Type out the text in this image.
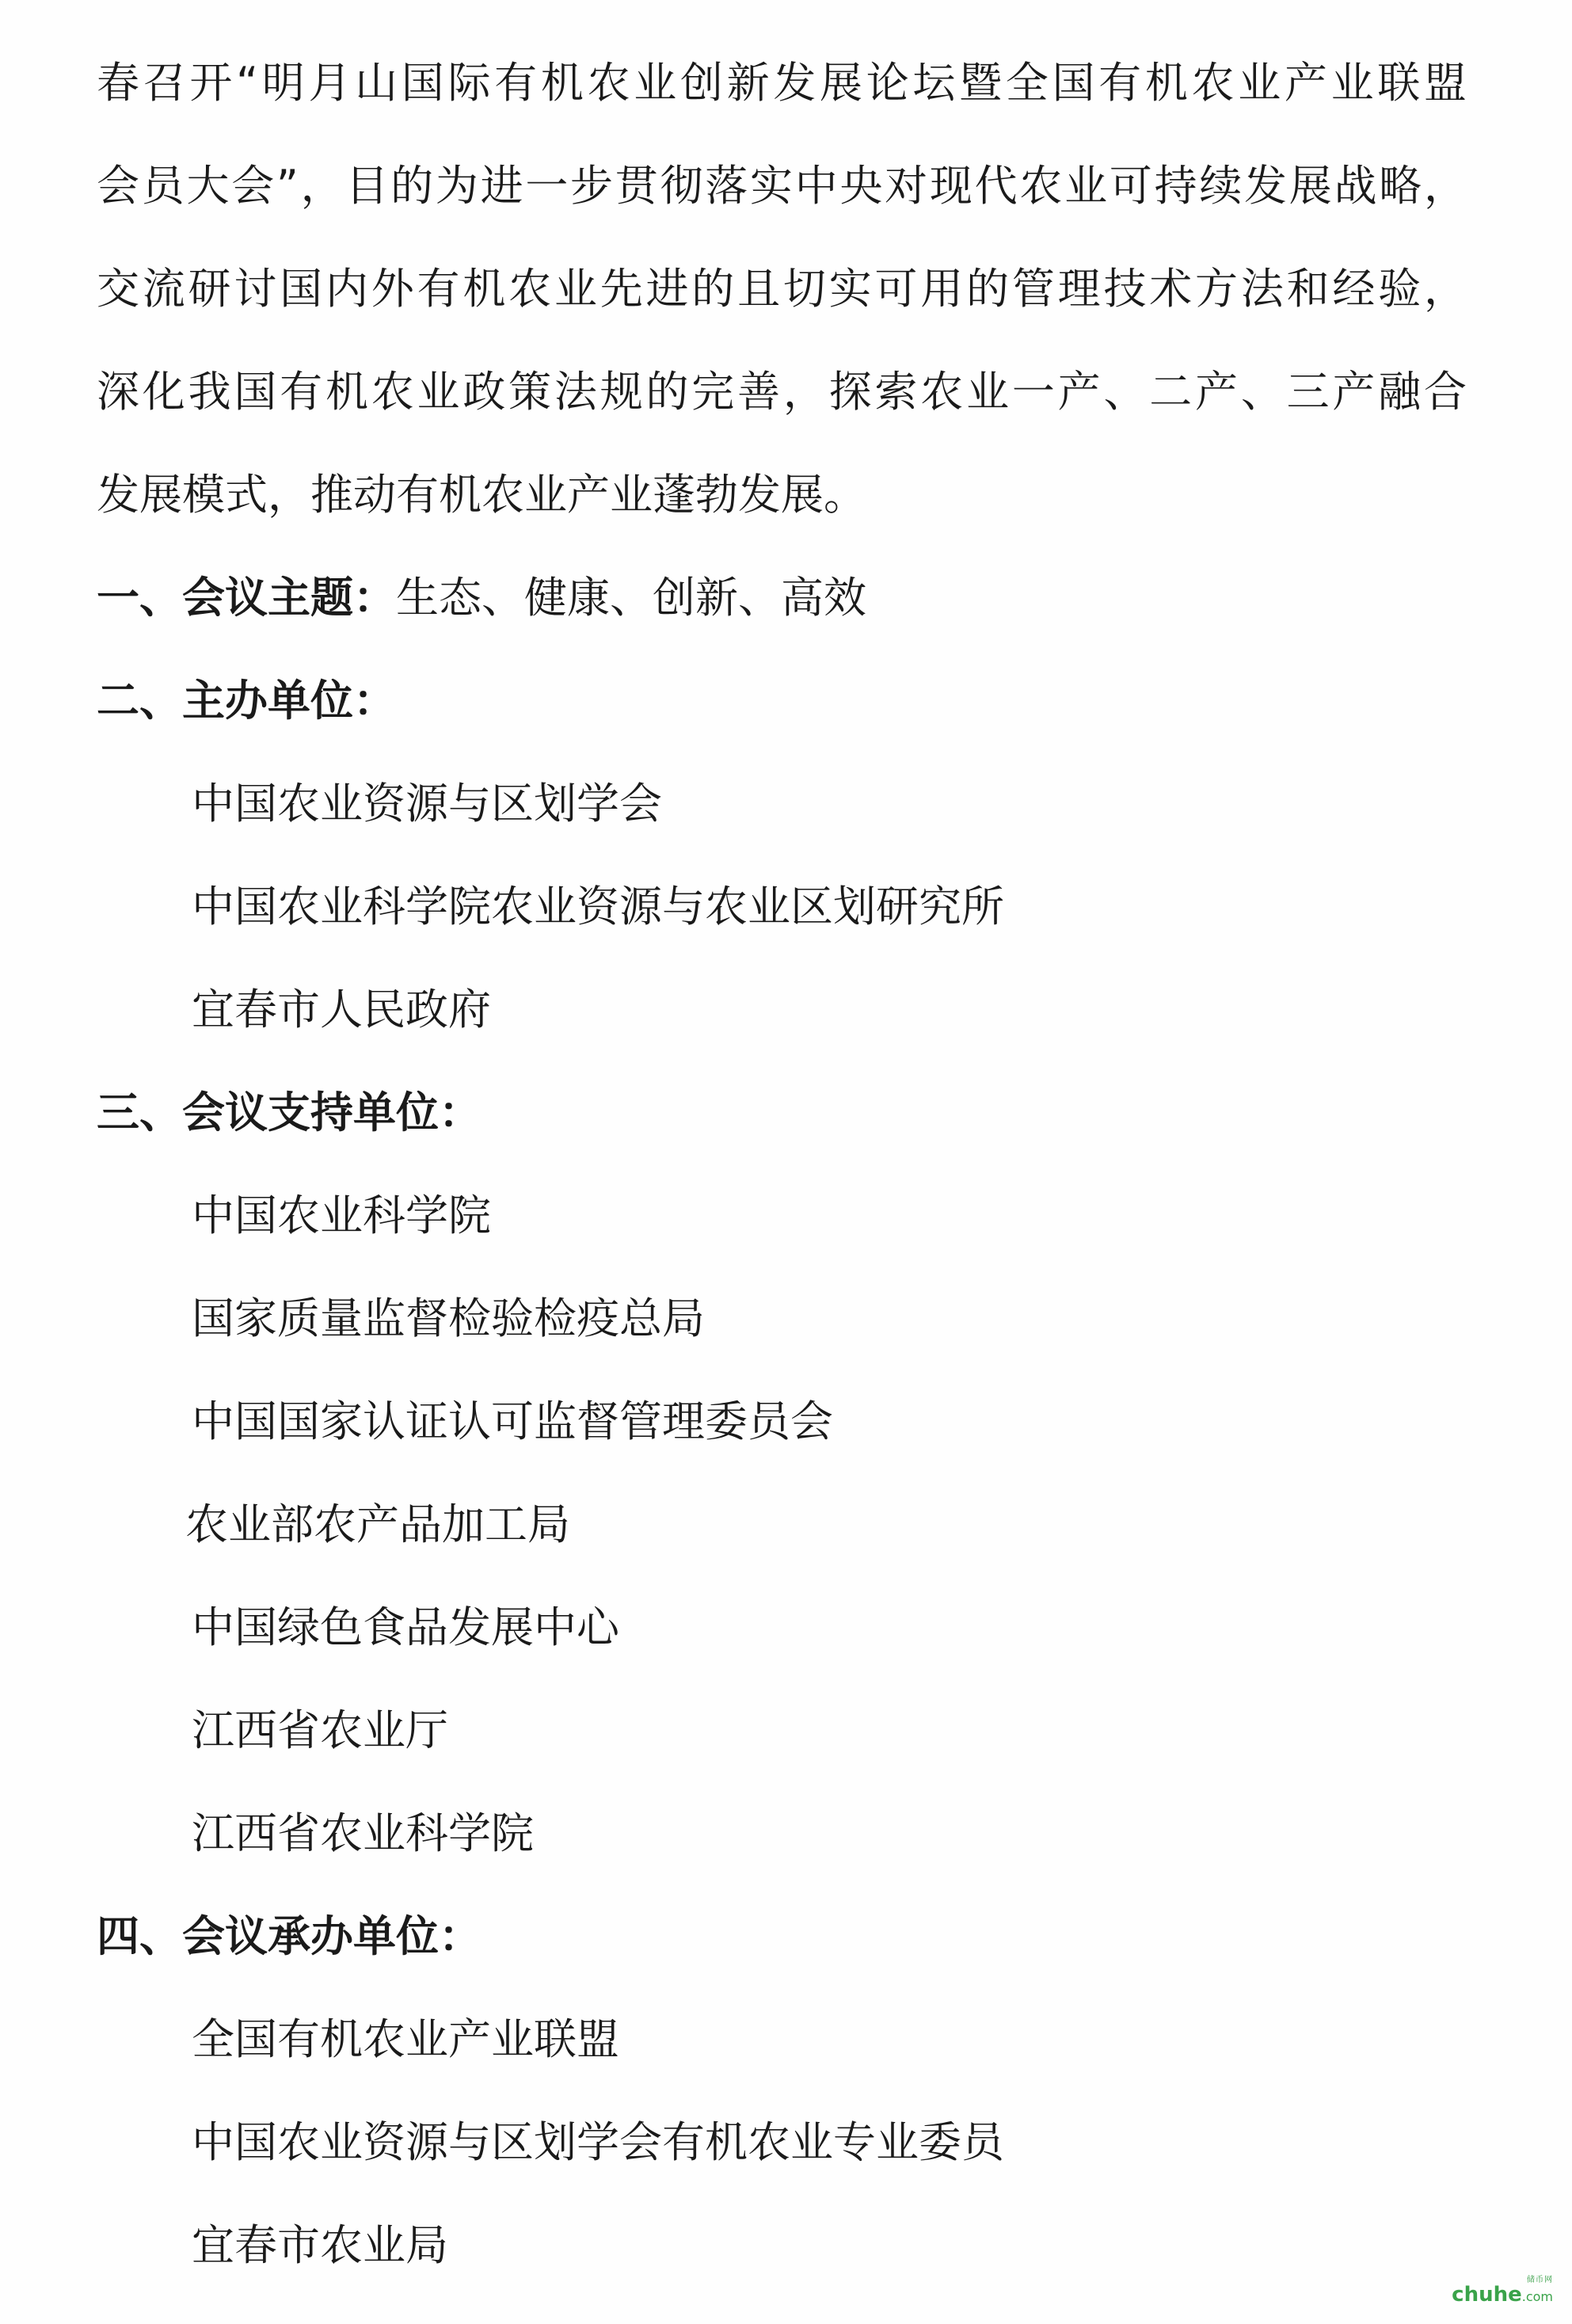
春召开“明月山国际有机农业创新发展论坛暨全国有机农业产业联盟
会员大会”，目的为进一步贯彻落实中央对现代农业可持续发展战略，
交流研讨国内外有机农业先进的且切实可用的管理技术方法和经验，
深化我国有机农业政策法规的完善，探索农业一产、二产、三产融合
发展模式，推动有机农业产业蓬勃发展。
一、会议主题：生态、健康、创新、高效
二、主办单位：
中国农业资源与区划学会
中国农业科学院农业资源与农业区划研究所
宜春市人民政府
三、会议支持单位：
中国农业科学院
国家质量监督检验检疫总局
中国国家认证认可监督管理委员会
农业部农产品加工局
中国绿色食品发展中心
江西省农业厅
江西省农业科学院
四、会议承办单位：
全国有机农业产业联盟
中国农业资源与区划学会有机农业专业委员
宜春市农业局
储币网
chuhe.com
